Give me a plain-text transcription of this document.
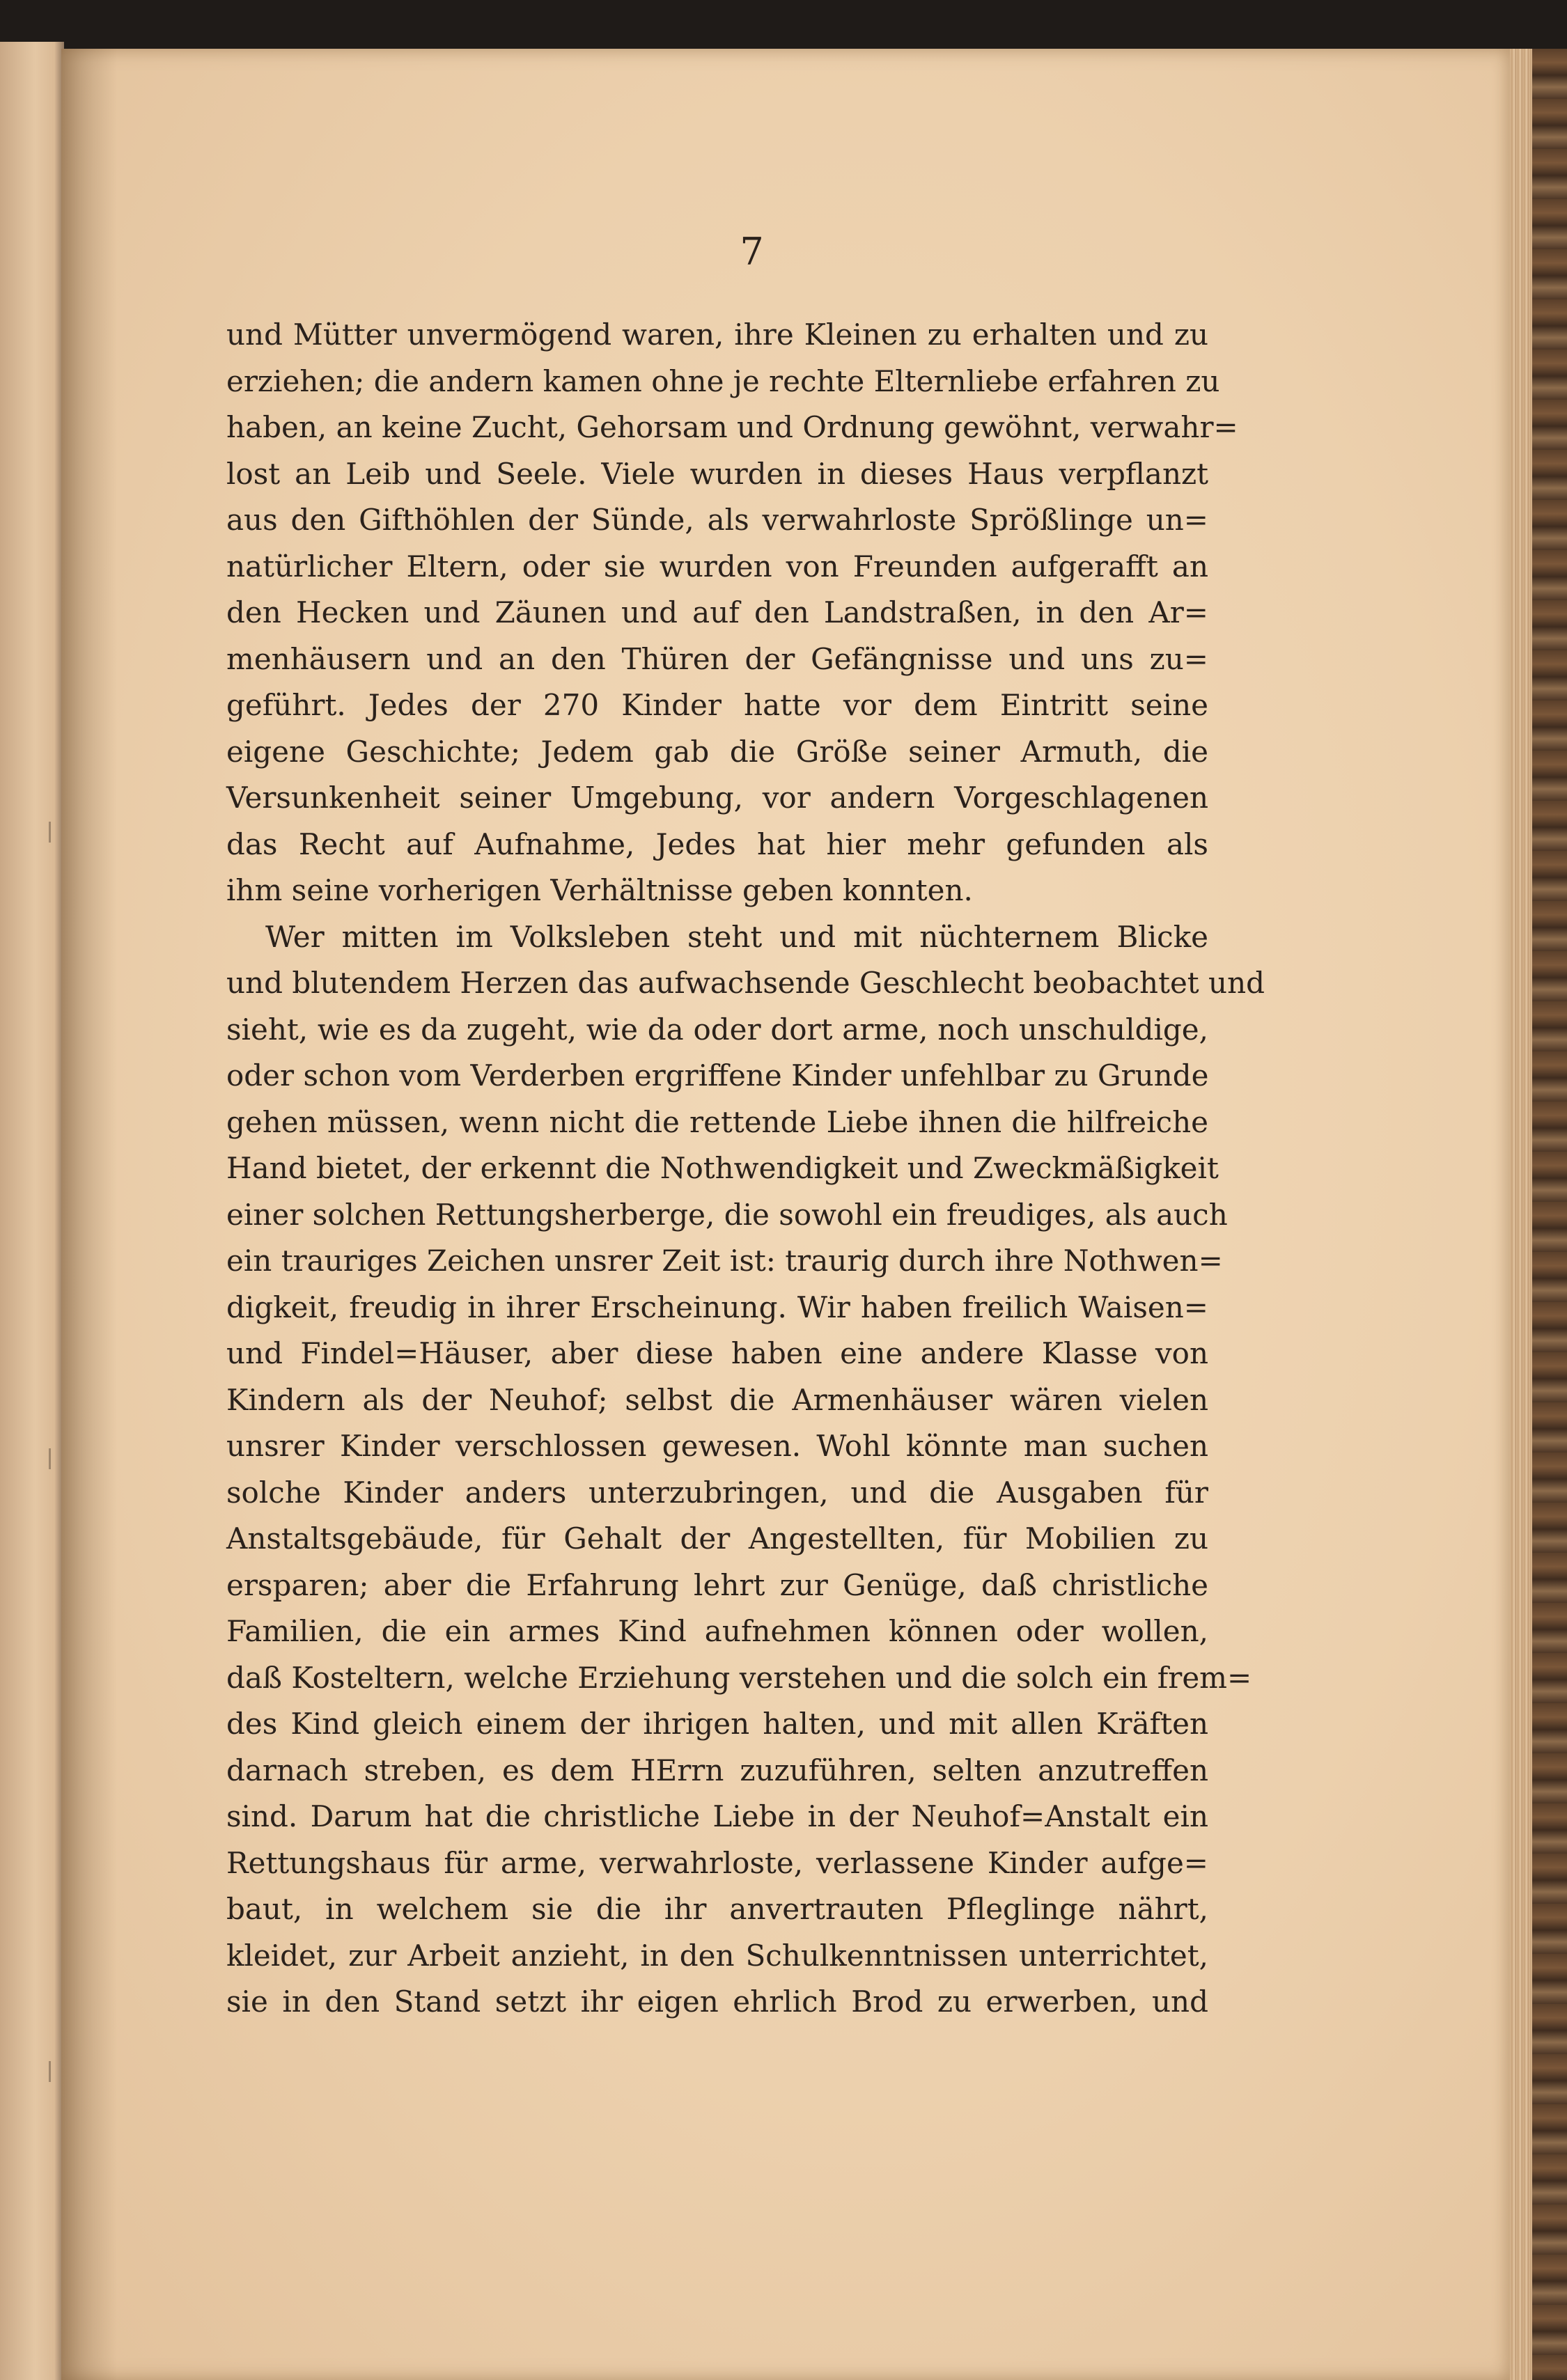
7
und Mütter unvermögend waren, ihre Kleinen zu erhalten und zu
erziehen; die andern kamen ohne je rechte Elternliebe erfahren zu
haben, an keine Zucht, Gehorsam und Ordnung gewöhnt, verwahr=
lost an Leib und Seele. Viele wurden in dieses Haus verpflanzt
aus den Gifthöhlen der Sünde, als verwahrloste Sprößlinge un=
natürlicher Eltern, oder sie wurden von Freunden aufgerafft an
den Hecken und Zäunen und auf den Landstraßen, in den Ar=
menhäusern und an den Thüren der Gefängnisse und uns zu=
geführt. Jedes der 270 Kinder hatte vor dem Eintritt seine
eigene Geschichte; Jedem gab die Größe seiner Armuth, die
Versunkenheit seiner Umgebung, vor andern Vorgeschlagenen
das Recht auf Aufnahme, Jedes hat hier mehr gefunden als
ihm seine vorherigen Verhältnisse geben konnten.
Wer mitten im Volksleben steht und mit nüchternem Blicke
und blutendem Herzen das aufwachsende Geschlecht beobachtet und
sieht, wie es da zugeht, wie da oder dort arme, noch unschuldige,
oder schon vom Verderben ergriffene Kinder unfehlbar zu Grunde
gehen müssen, wenn nicht die rettende Liebe ihnen die hilfreiche
Hand bietet, der erkennt die Nothwendigkeit und Zweckmäßigkeit
einer solchen Rettungsherberge, die sowohl ein freudiges, als auch
ein trauriges Zeichen unsrer Zeit ist: traurig durch ihre Nothwen=
digkeit, freudig in ihrer Erscheinung. Wir haben freilich Waisen=
und Findel=Häuser, aber diese haben eine andere Klasse von
Kindern als der Neuhof; selbst die Armenhäuser wären vielen
unsrer Kinder verschlossen gewesen. Wohl könnte man suchen
solche Kinder anders unterzubringen, und die Ausgaben für
Anstaltsgebäude, für Gehalt der Angestellten, für Mobilien zu
ersparen; aber die Erfahrung lehrt zur Genüge, daß christliche
Familien, die ein armes Kind aufnehmen können oder wollen,
daß Kosteltern, welche Erziehung verstehen und die solch ein frem=
des Kind gleich einem der ihrigen halten, und mit allen Kräften
darnach streben, es dem HErrn zuzuführen, selten anzutreffen
sind. Darum hat die christliche Liebe in der Neuhof=Anstalt ein
Rettungshaus für arme, verwahrloste, verlassene Kinder aufge=
baut, in welchem sie die ihr anvertrauten Pfleglinge nährt,
kleidet, zur Arbeit anzieht, in den Schulkenntnissen unterrichtet,
sie in den Stand setzt ihr eigen ehrlich Brod zu erwerben, und
